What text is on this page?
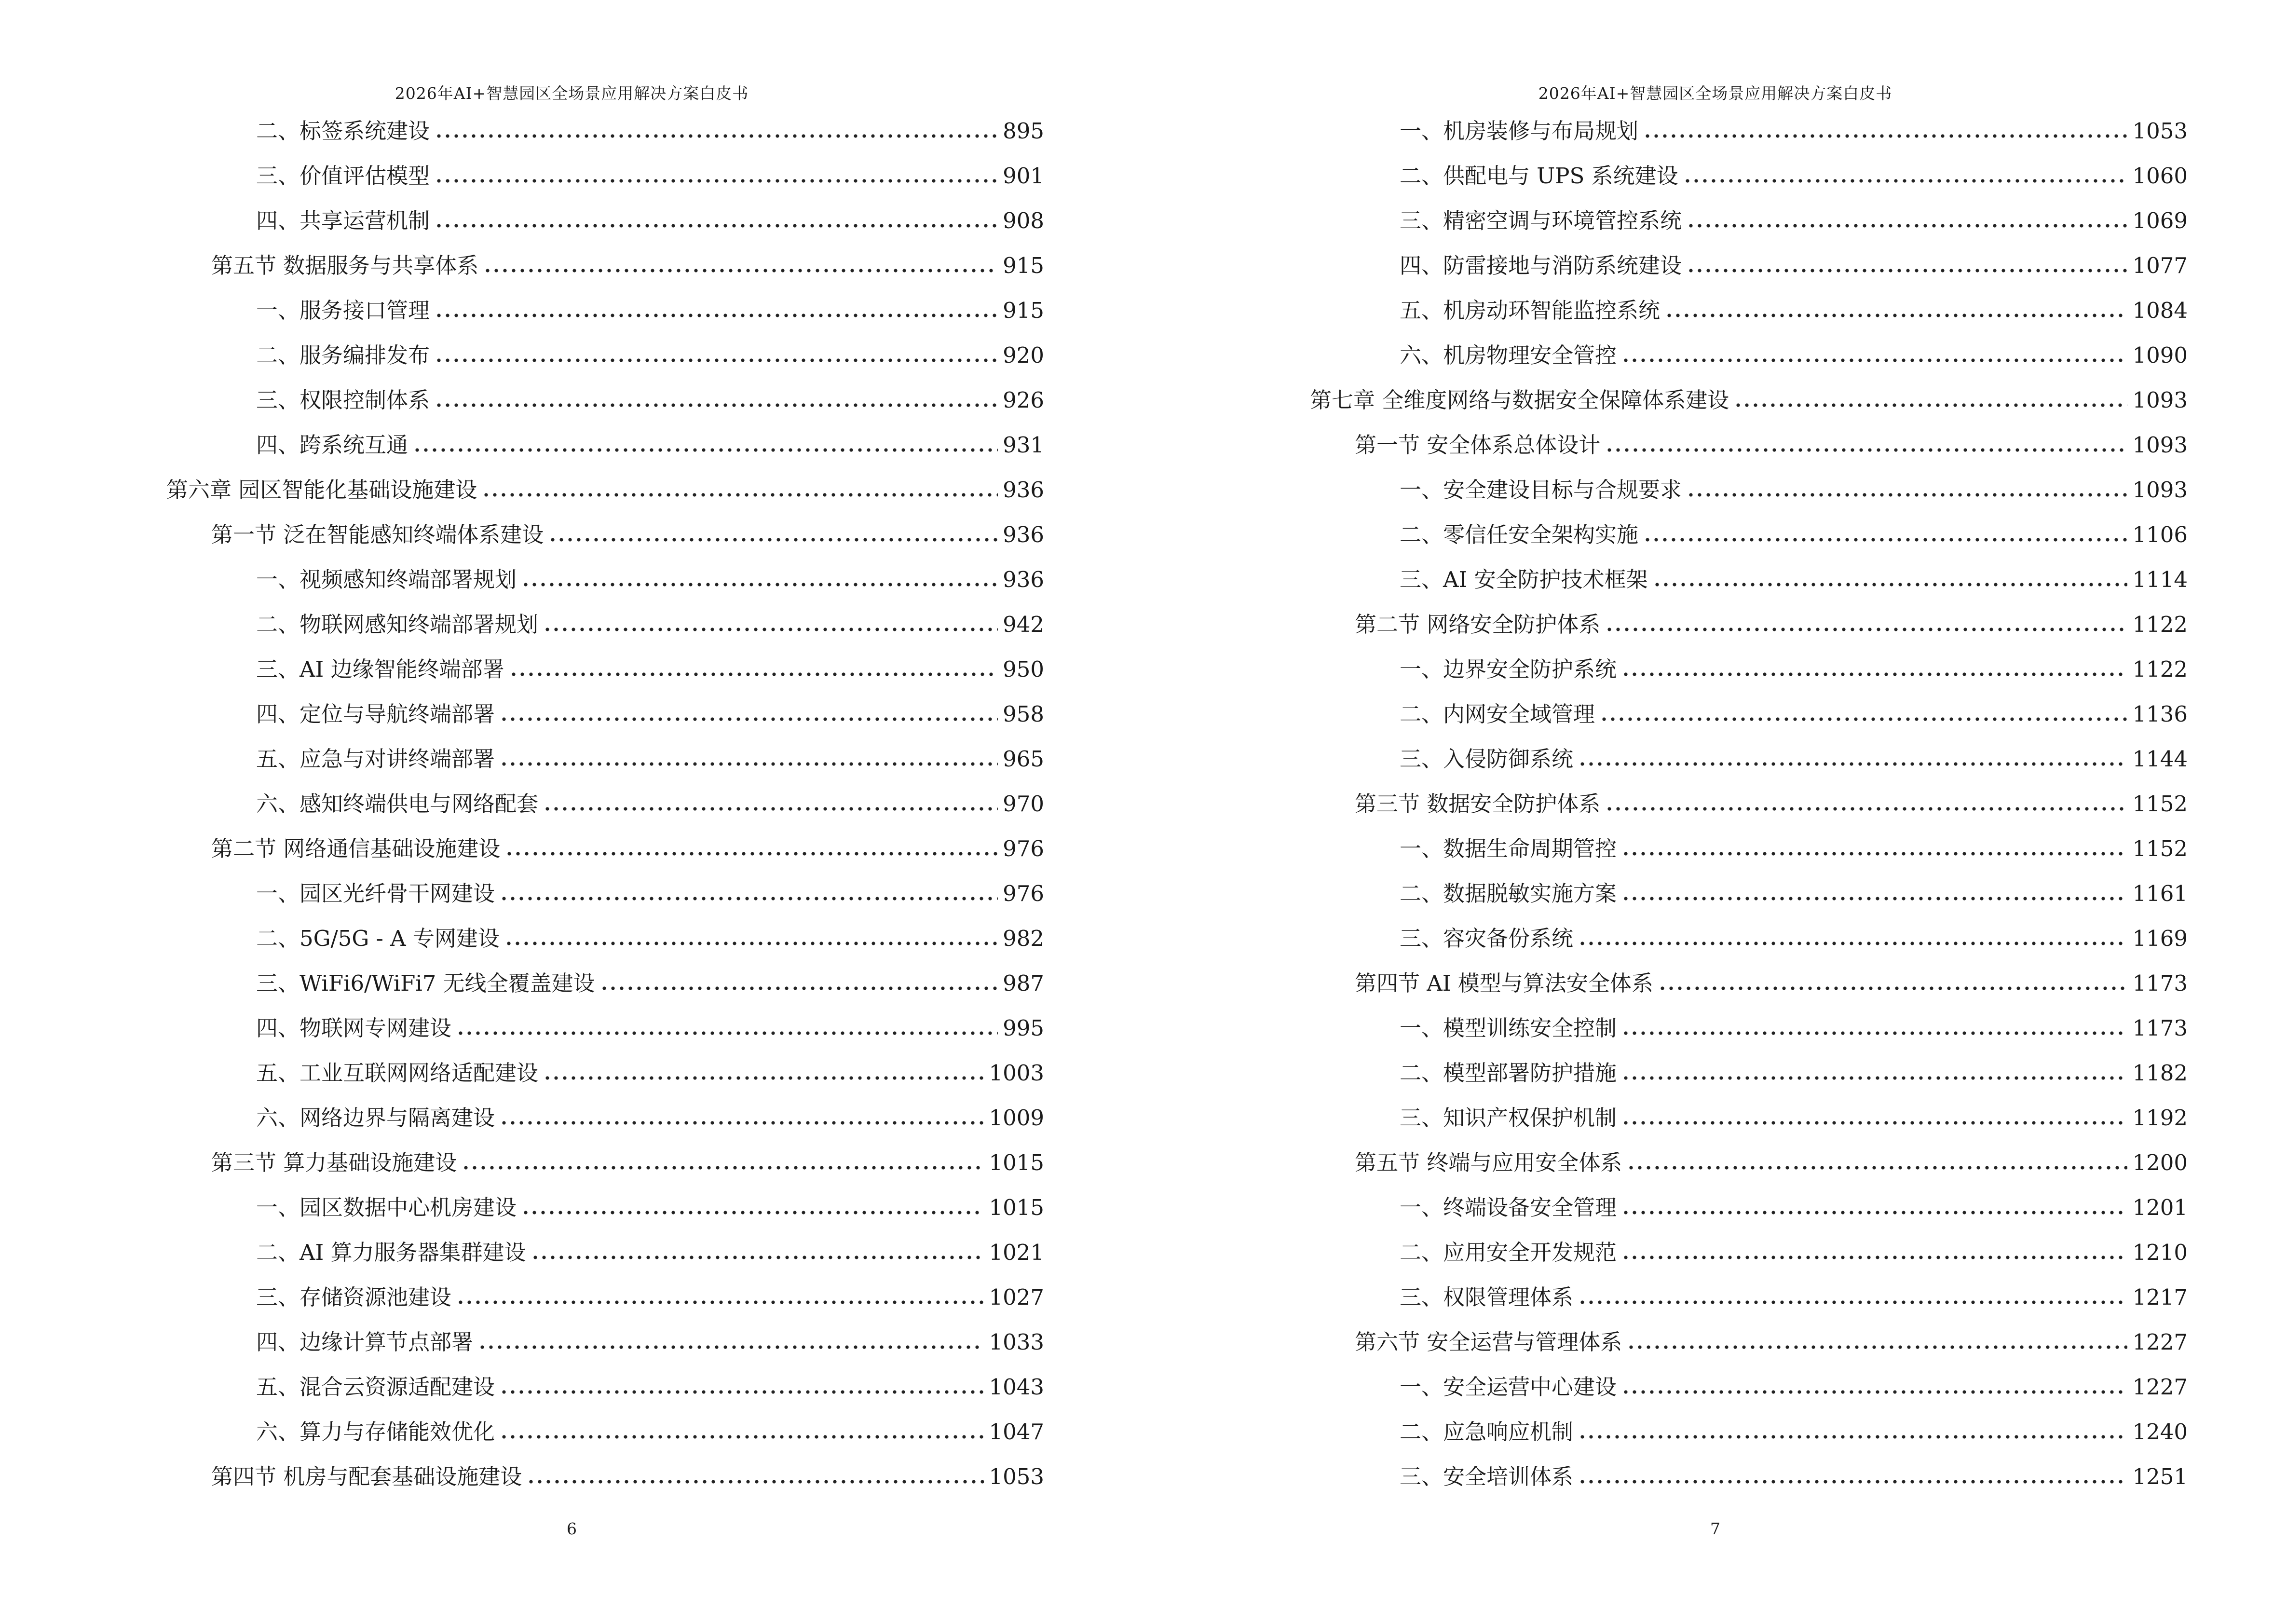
2026年AI+智慧园区全场景应用解决方案白皮书
二、标签系统建设	895
三、价值评估模型	901
四、共享运营机制	908
第五节 数据服务与共享体系	915
一、服务接口管理	915
二、服务编排发布	920
三、权限控制体系	926
四、跨系统互通	931
第六章 园区智能化基础设施建设	936
第一节 泛在智能感知终端体系建设	936
一、视频感知终端部署规划	936
二、物联网感知终端部署规划	942
三、AI 边缘智能终端部署	950
四、定位与导航终端部署	958
五、应急与对讲终端部署	965
六、感知终端供电与网络配套	970
第二节 网络通信基础设施建设	976
一、园区光纤骨干网建设	976
二、5G/5G - A 专网建设	982
三、WiFi6/WiFi7 无线全覆盖建设	987
四、物联网专网建设	995
五、工业互联网网络适配建设	1003
六、网络边界与隔离建设	1009
第三节 算力基础设施建设	1015
一、园区数据中心机房建设	1015
二、AI 算力服务器集群建设	1021
三、存储资源池建设	1027
四、边缘计算节点部署	1033
五、混合云资源适配建设	1043
六、算力与存储能效优化	1047
第四节 机房与配套基础设施建设	1053
6
2026年AI+智慧园区全场景应用解决方案白皮书
一、机房装修与布局规划	1053
二、供配电与 UPS 系统建设	1060
三、精密空调与环境管控系统	1069
四、防雷接地与消防系统建设	1077
五、机房动环智能监控系统	1084
六、机房物理安全管控	1090
第七章 全维度网络与数据安全保障体系建设	1093
第一节 安全体系总体设计	1093
一、安全建设目标与合规要求	1093
二、零信任安全架构实施	1106
三、AI 安全防护技术框架	1114
第二节 网络安全防护体系	1122
一、边界安全防护系统	1122
二、内网安全域管理	1136
三、入侵防御系统	1144
第三节 数据安全防护体系	1152
一、数据生命周期管控	1152
二、数据脱敏实施方案	1161
三、容灾备份系统	1169
第四节 AI 模型与算法安全体系	1173
一、模型训练安全控制	1173
二、模型部署防护措施	1182
三、知识产权保护机制	1192
第五节 终端与应用安全体系	1200
一、终端设备安全管理	1201
二、应用安全开发规范	1210
三、权限管理体系	1217
第六节 安全运营与管理体系	1227
一、安全运营中心建设	1227
二、应急响应机制	1240
三、安全培训体系	1251
7
